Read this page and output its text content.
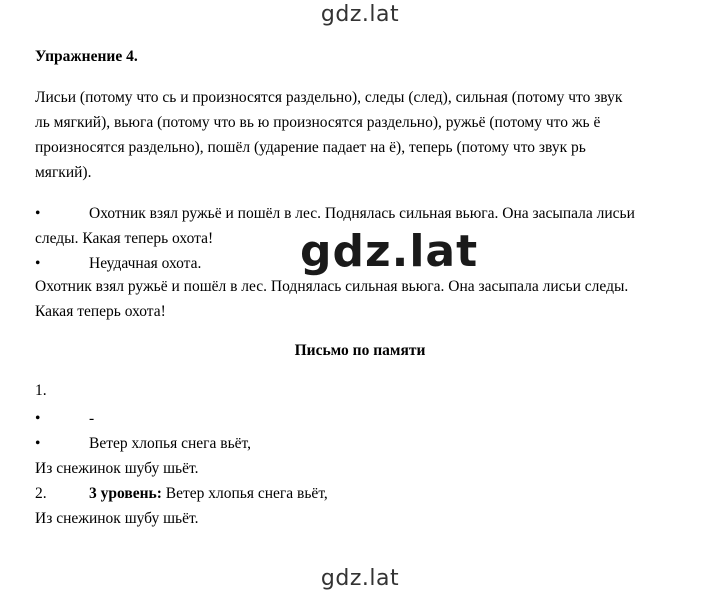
gdz.lat
Упражнение 4.
Лисьи (потому что сь и произносятся раздельно), следы (след), сильная (потому что звук
ль мягкий), вьюга (потому что вь ю произносятся раздельно), ружьё (потому что жь ё
произносятся раздельно), пошёл (ударение падает на ё), теперь (потому что звук рь
мягкий).
•	Охотник взял ружьё и пошёл в лес. Поднялась сильная вьюга. Она засыпала лисьи
следы. Какая теперь охота!
•	Неудачная охота.
Охотник взял ружьё и пошёл в лес. Поднялась сильная вьюга. Она засыпала лисьи следы.
Какая теперь охота!
Письмо по памяти
1.
•	-
•	Ветер хлопья снега вьёт,
Из снежинок шубу шьёт.
2.	3 уровень: Ветер хлопья снега вьёт,
Из снежинок шубу шьёт.
gdz.lat
gdz.lat
